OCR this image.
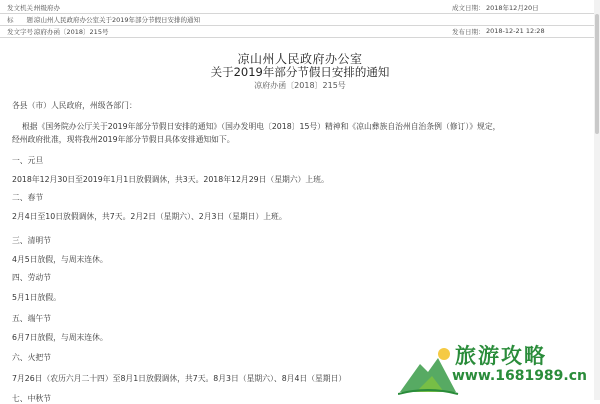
发文机关：
州级府办	成文日期： 2018年12月20日
标　　题：
凉山州人民政府办公室关于2019年部分节假日安排的通知
发文字号：
凉府办函〔2018〕215号	发布日期： 2018-12-21 12:28
凉山州人民政府办公室
关于2019年部分节假日安排的通知
凉府办函〔2018〕215号
各县（市）人民政府，州级各部门：
根据《国务院办公厅关于2019年部分节假日安排的通知》（国办发明电〔2018〕15号）精神和《凉山彝族自治州自治条例（修订）》规定，
经州政府批准，现将我州2019年部分节假日具体安排通知如下。
一、元旦
2018年12月30日至2019年1月1日放假调休，共3天。2018年12月29日（星期六）上班。
二、春节
2月4日至10日放假调休，共7天。2月2日（星期六）、2月3日（星期日）上班。
三、清明节
4月5日放假，与周末连休。
四、劳动节
5月1日放假。
五、端午节
6月7日放假，与周末连休。
六、火把节
7月26日（农历六月二十四）至8月1日放假调休，共7天。8月3日（星期六）、8月4日（星期日）
七、中秋节
旅游攻略
www.1681989.cn
